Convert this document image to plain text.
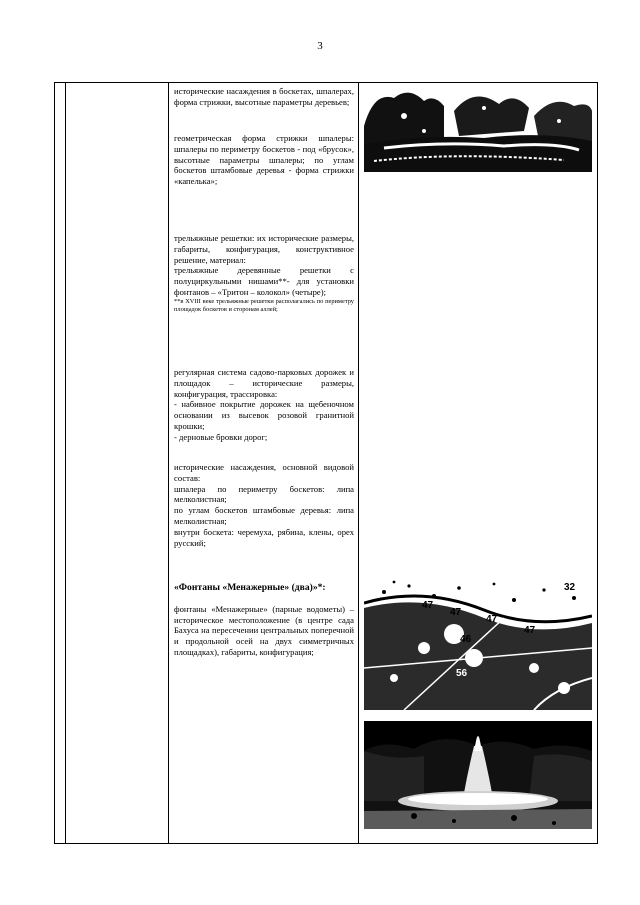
3

исторические насаждения в боскетах, шпалерах, форма стрижки, высотные параметры деревьев;

геометрическая форма стрижки шпалеры:

шпалеры по периметру боскетов - под «брусок», высотные параметры шпалеры; по углам боскетов штамбовые деревья - форма стрижки «капелька»;

трельяжные решетки: их исторические размеры, габариты, конфигурация, конструктивное решение, материал:

трельяжные деревянные решетки с полуциркульными нишами**- для установки фонтанов – «Тритон – колокол» (четыре);

**в XVIII веке трельяжные решетки располагались по периметру площадок боскетов и сторонам аллей;

регулярная система садово-парковых дорожек и площадок – исторические размеры, конфигурация, трассировка:

- набивное покрытие дорожек на щебеночном основании из высевок розовой гранитной крошки;

- дерновые бровки дорог;

исторические насаждения, основной видовой состав:

шпалера по периметру боскетов: липа мелколистная;

по углам боскетов штамбовые деревья: липа мелколистная;

внутри боскета: черемуха, рябина, клены, орех русский;

«Фонтаны «Менажерные» (два)»*:

фонтаны «Менажерные» (парные водометы) – историческое местоположение (в центре сада Бахуса на пересечении центральных поперечной и продольной осей на двух симметричных площадках), габариты, конфигурация;

47
47
47
47
46
56
32
